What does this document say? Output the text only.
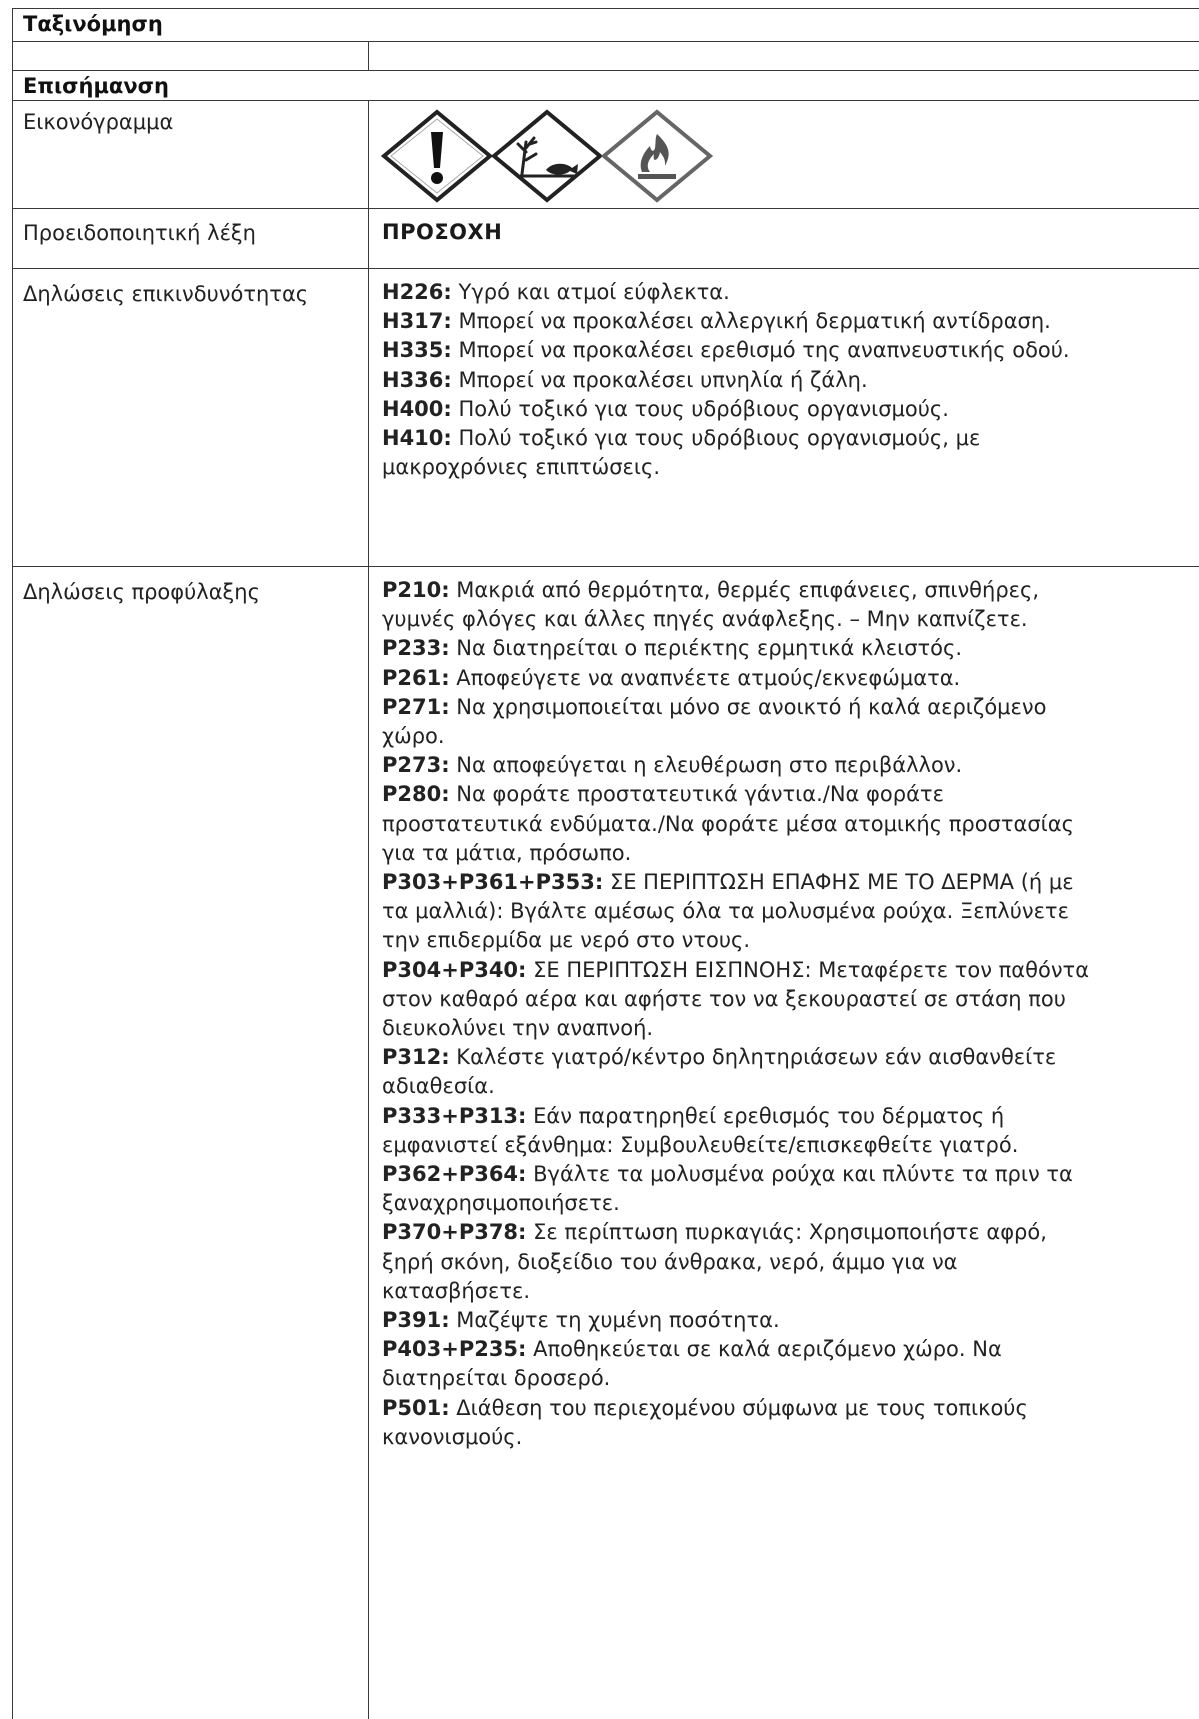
Ταξινόμηση
Επισήμανση
Εικονόγραμμα
Προειδοποιητική λέξη	ΠΡΟΣΟΧΗ
Δηλώσεις επικινδυνότητας	H226: Υγρό και ατμοί εύφλεκτα.
H317: Μπορεί να προκαλέσει αλλεργική δερματική αντίδραση.
H335: Μπορεί να προκαλέσει ερεθισμό της αναπνευστικής οδού.
H336: Μπορεί να προκαλέσει υπνηλία ή ζάλη.
H400: Πολύ τοξικό για τους υδρόβιους οργανισμούς.
H410: Πολύ τοξικό για τους υδρόβιους οργανισμούς, με μακροχρόνιες επιπτώσεις.
Δηλώσεις προφύλαξης	P210: Μακριά από θερμότητα, θερμές επιφάνειες, σπινθήρες, γυμνές φλόγες και άλλες πηγές ανάφλεξης. – Μην καπνίζετε.
P233: Να διατηρείται ο περιέκτης ερμητικά κλειστός.
P261: Αποφεύγετε να αναπνέετε ατμούς/εκνεφώματα.
P271: Να χρησιμοποιείται μόνο σε ανοικτό ή καλά αεριζόμενο χώρο.
P273: Να αποφεύγεται η ελευθέρωση στο περιβάλλον.
P280: Να φοράτε προστατευτικά γάντια./Να φοράτε προστατευτικά ενδύματα./Να φοράτε μέσα ατομικής προστασίας για τα μάτια, πρόσωπο.
P303+P361+P353: ΣΕ ΠΕΡΙΠΤΩΣΗ ΕΠΑΦΗΣ ΜΕ ΤΟ ΔΕΡΜΑ (ή με τα μαλλιά): Βγάλτε αμέσως όλα τα μολυσμένα ρούχα. Ξεπλύνετε την επιδερμίδα με νερό στο ντους.
P304+P340: ΣΕ ΠΕΡΙΠΤΩΣΗ ΕΙΣΠΝΟΗΣ: Μεταφέρετε τον παθόντα στον καθαρό αέρα και αφήστε τον να ξεκουραστεί σε στάση που διευκολύνει την αναπνοή.
P312: Καλέστε γιατρό/κέντρο δηλητηριάσεων εάν αισθανθείτε αδιαθεσία.
P333+P313: Εάν παρατηρηθεί ερεθισμός του δέρματος ή εμφανιστεί εξάνθημα: Συμβουλευθείτε/επισκεφθείτε γιατρό.
P362+P364: Βγάλτε τα μολυσμένα ρούχα και πλύντε τα πριν τα ξαναχρησιμοποιήσετε.
P370+P378: Σε περίπτωση πυρκαγιάς: Χρησιμοποιήστε αφρό, ξηρή σκόνη, διοξείδιο του άνθρακα, νερό, άμμο για να κατασβήσετε.
P391: Μαζέψτε τη χυμένη ποσότητα.
P403+P235: Αποθηκεύεται σε καλά αεριζόμενο χώρο. Να διατηρείται δροσερό.
P501: Διάθεση του περιεχομένου σύμφωνα με τους τοπικούς κανονισμούς.
